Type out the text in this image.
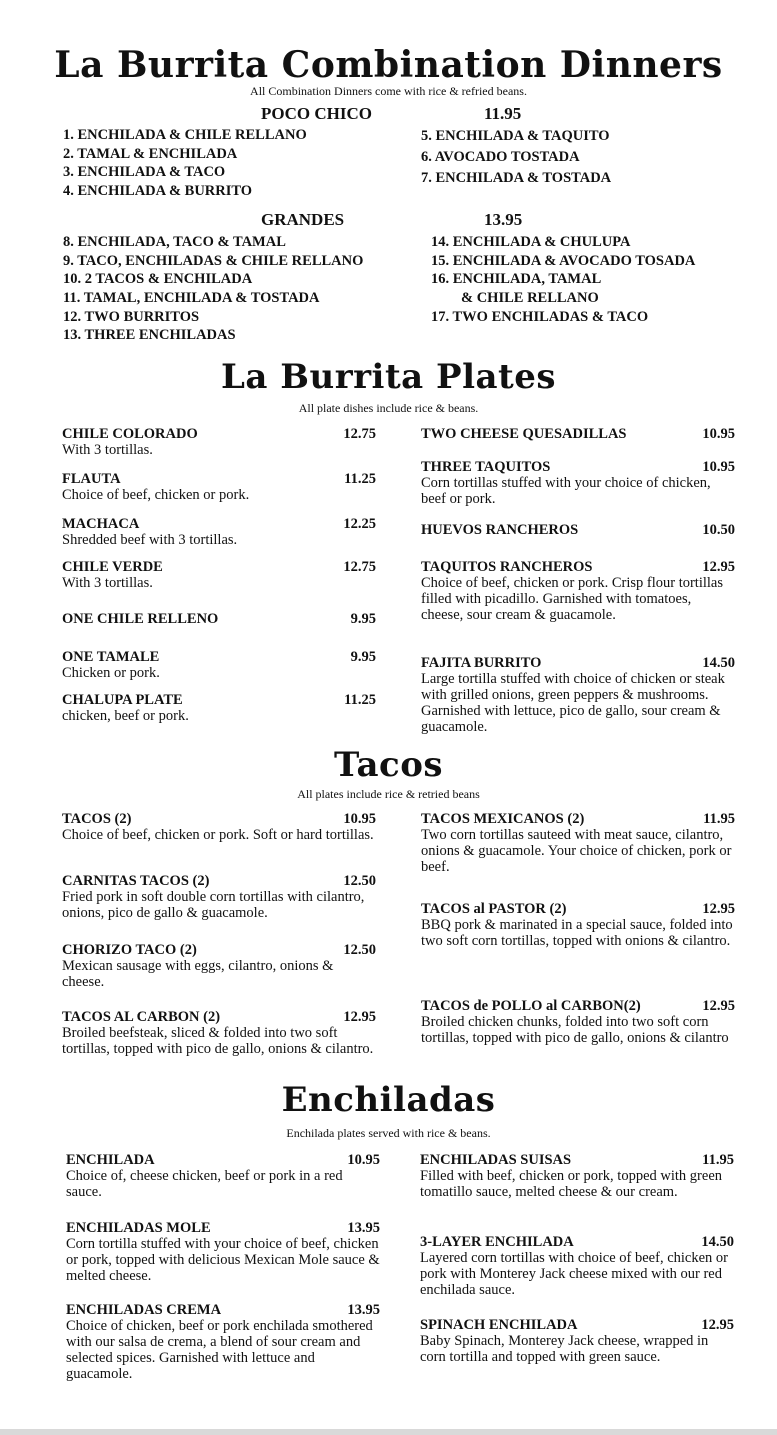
La Burrita Combination Dinners
All Combination Dinners come with rice & refried beans.
POCO CHICO	11.95
1. ENCHILADA & CHILE RELLANO
2. TAMAL & ENCHILADA
3. ENCHILADA & TACO
4. ENCHILADA & BURRITO
5. ENCHILADA & TAQUITO
6. AVOCADO TOSTADA
7. ENCHILADA & TOSTADA
GRANDES	13.95
8. ENCHILADA, TACO & TAMAL
9. TACO, ENCHILADAS & CHILE RELLANO
10. 2 TACOS & ENCHILADA
11. TAMAL, ENCHILADA & TOSTADA
12. TWO BURRITOS
13. THREE ENCHILADAS
14. ENCHILADA & CHULUPA
15. ENCHILADA & AVOCADO TOSADA
16. ENCHILADA, TAMAL
& CHILE RELLANO
17. TWO ENCHILADAS & TACO
La Burrita Plates
All plate dishes include rice & beans.
CHILE COLORADO	12.75
With 3 tortillas.
FLAUTA	11.25
Choice of beef, chicken or pork.
MACHACA	12.25
Shredded beef with 3 tortillas.
CHILE VERDE	12.75
With 3 tortillas.
ONE CHILE RELLENO	9.95
ONE TAMALE	9.95
Chicken or pork.
CHALUPA PLATE	11.25
chicken, beef or pork.
TWO CHEESE QUESADILLAS	10.95
THREE TAQUITOS	10.95
Corn tortillas stuffed with your choice of chicken, beef or pork.
HUEVOS RANCHEROS	10.50
TAQUITOS RANCHEROS	12.95
Choice of beef, chicken or pork. Crisp flour tortillas filled with picadillo. Garnished with tomatoes, cheese, sour cream & guacamole.
FAJITA BURRITO	14.50
Large tortilla stuffed with choice of chicken or steak with grilled onions, green peppers & mushrooms. Garnished with lettuce, pico de gallo, sour cream & guacamole.
Tacos
All plates include rice & retried beans
TACOS (2)	10.95
Choice of beef, chicken or pork. Soft or hard tortillas.
CARNITAS TACOS (2)	12.50
Fried pork in soft double corn tortillas with cilantro, onions, pico de gallo & guacamole.
CHORIZO TACO (2)	12.50
Mexican sausage with eggs, cilantro, onions & cheese.
TACOS AL CARBON (2)	12.95
Broiled beefsteak, sliced & folded into two soft tortillas, topped with pico de gallo, onions & cilantro.
TACOS MEXICANOS (2)	11.95
Two corn tortillas sauteed with meat sauce, cilantro, onions & guacamole. Your choice of chicken, pork or beef.
TACOS al PASTOR (2)	12.95
BBQ pork & marinated in a special sauce, folded into two soft corn tortillas, topped with onions & cilantro.
TACOS de POLLO al CARBON(2)	12.95
Broiled chicken chunks, folded into two soft corn tortillas, topped with pico de gallo, onions & cilantro
Enchiladas
Enchilada plates served with rice & beans.
ENCHILADA	10.95
Choice of, cheese chicken, beef or pork in a red sauce.
ENCHILADAS MOLE	13.95
Corn tortilla stuffed with your choice of beef, chicken or pork, topped with delicious Mexican Mole sauce & melted cheese.
ENCHILADAS CREMA	13.95
Choice of chicken, beef or pork enchilada smothered with our salsa de crema, a blend of sour cream and selected spices. Garnished with lettuce and guacamole.
ENCHILADAS SUISAS	11.95
Filled with beef, chicken or pork, topped with green tomatillo sauce, melted cheese & our cream.
3-LAYER ENCHILADA	14.50
Layered corn tortillas with choice of beef, chicken or pork with Monterey Jack cheese mixed with our red enchilada sauce.
SPINACH ENCHILADA	12.95
Baby Spinach, Monterey Jack cheese, wrapped in corn tortilla and topped with green sauce.
